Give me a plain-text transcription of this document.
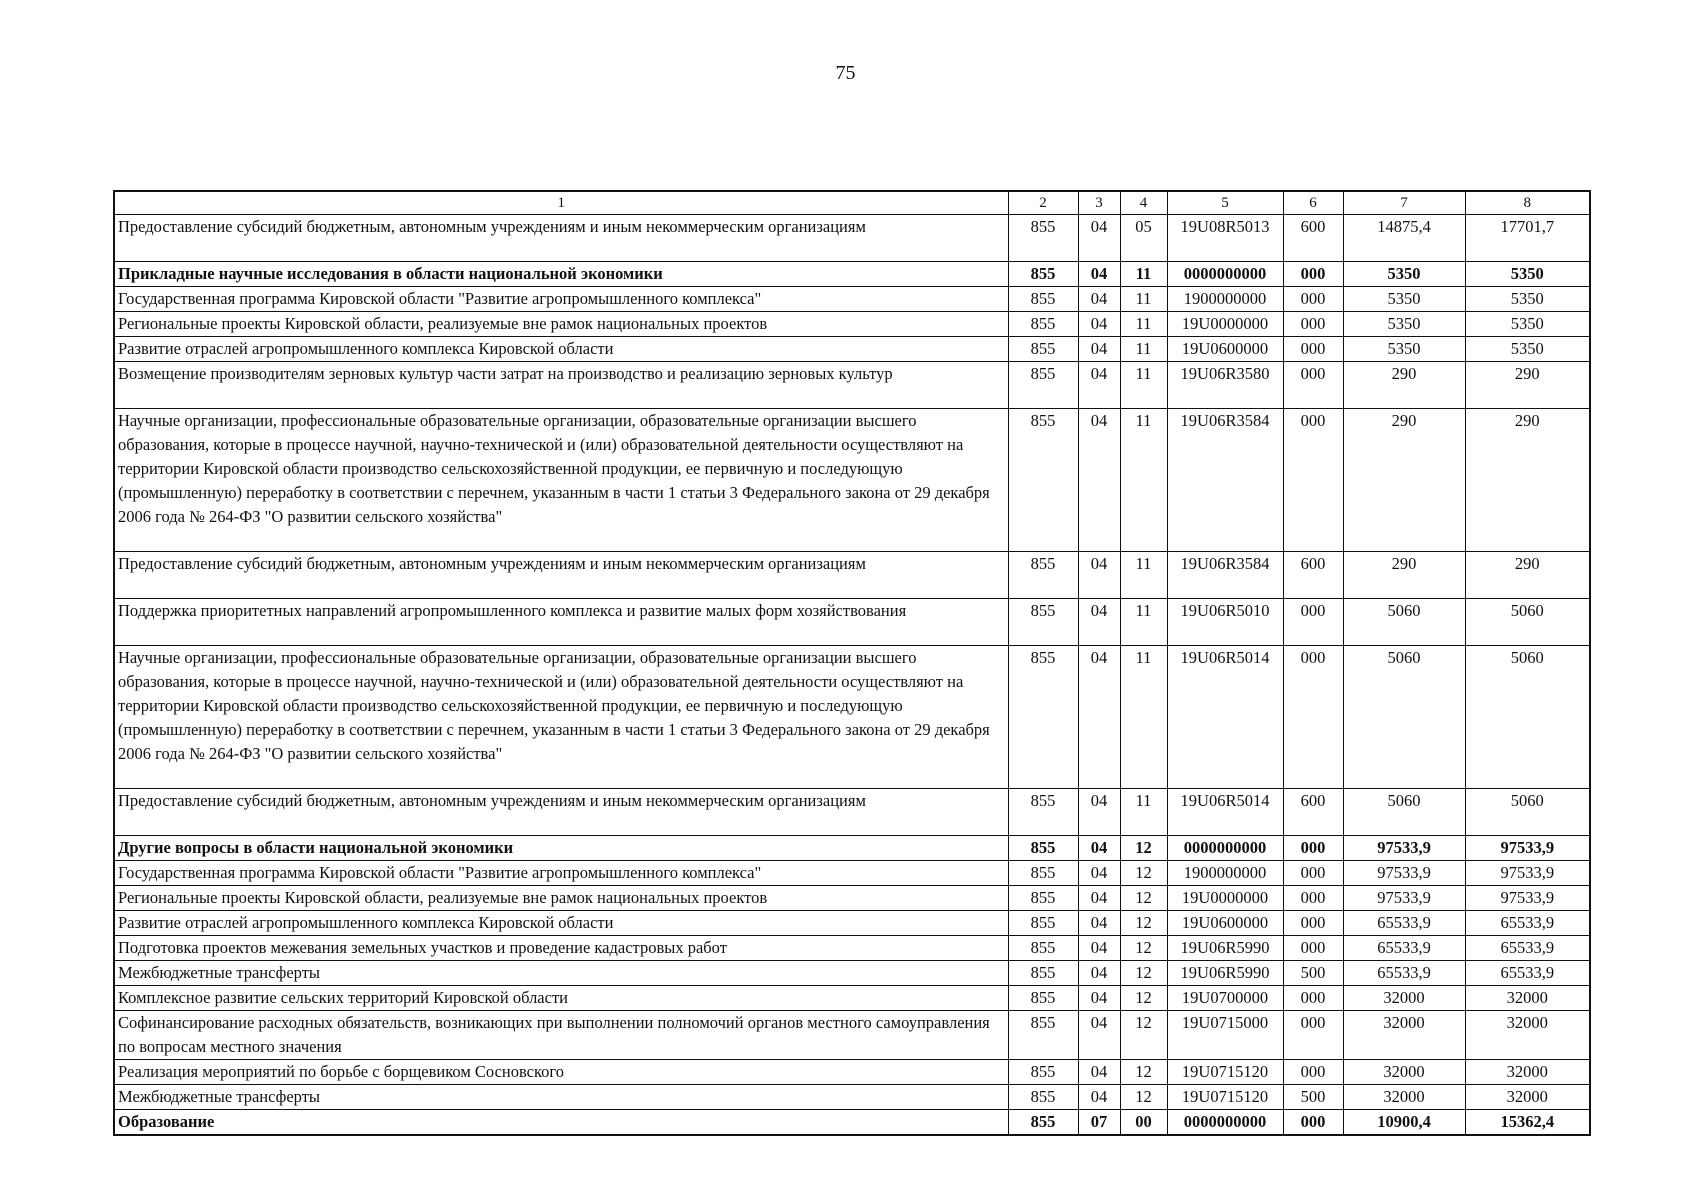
75
1	2	3	4	5	6	7	8
Предоставление субсидий бюджетным, автономным учреждениям и иным некоммерческим организациям	855	04	05	19U08R5013	600	14875,4	17701,7
Прикладные научные исследования в области национальной экономики	855	04	11	0000000000	000	5350	5350
Государственная программа Кировской области "Развитие агропромышленного комплекса"	855	04	11	1900000000	000	5350	5350
Региональные проекты Кировской области, реализуемые вне рамок национальных проектов	855	04	11	19U0000000	000	5350	5350
Развитие отраслей агропромышленного комплекса Кировской области	855	04	11	19U0600000	000	5350	5350
Возмещение производителям зерновых культур части затрат на производство и реализацию зерновых культур	855	04	11	19U06R3580	000	290	290
Научные организации, профессиональные образовательные организации, образовательные организации высшего образования, которые в процессе научной, научно-технической и (или) образовательной деятельности осуществляют на территории Кировской области производство сельскохозяйственной продукции, ее первичную и последующую (промышленную) переработку в соответствии с перечнем, указанным в части 1 статьи 3 Федерального закона от 29 декабря 2006 года № 264-ФЗ "О развитии сельского хозяйства"	855	04	11	19U06R3584	000	290	290
Предоставление субсидий бюджетным, автономным учреждениям и иным некоммерческим организациям	855	04	11	19U06R3584	600	290	290
Поддержка приоритетных направлений агропромышленного комплекса и развитие малых форм хозяйствования	855	04	11	19U06R5010	000	5060	5060
Научные организации, профессиональные образовательные организации, образовательные организации высшего образования, которые в процессе научной, научно-технической и (или) образовательной деятельности осуществляют на территории Кировской области производство сельскохозяйственной продукции, ее первичную и последующую (промышленную) переработку в соответствии с перечнем, указанным в части 1 статьи 3 Федерального закона от 29 декабря 2006 года № 264-ФЗ "О развитии сельского хозяйства"	855	04	11	19U06R5014	000	5060	5060
Предоставление субсидий бюджетным, автономным учреждениям и иным некоммерческим организациям	855	04	11	19U06R5014	600	5060	5060
Другие вопросы в области национальной экономики	855	04	12	0000000000	000	97533,9	97533,9
Государственная программа Кировской области "Развитие агропромышленного комплекса"	855	04	12	1900000000	000	97533,9	97533,9
Региональные проекты Кировской области, реализуемые вне рамок национальных проектов	855	04	12	19U0000000	000	97533,9	97533,9
Развитие отраслей агропромышленного комплекса Кировской области	855	04	12	19U0600000	000	65533,9	65533,9
Подготовка проектов межевания земельных участков и проведение кадастровых работ	855	04	12	19U06R5990	000	65533,9	65533,9
Межбюджетные трансферты	855	04	12	19U06R5990	500	65533,9	65533,9
Комплексное развитие сельских территорий Кировской области	855	04	12	19U0700000	000	32000	32000
Софинансирование расходных обязательств, возникающих при выполнении полномочий органов местного самоуправления по вопросам местного значения	855	04	12	19U0715000	000	32000	32000
Реализация мероприятий по борьбе с борщевиком Сосновского	855	04	12	19U0715120	000	32000	32000
Межбюджетные трансферты	855	04	12	19U0715120	500	32000	32000
Образование	855	07	00	0000000000	000	10900,4	15362,4
